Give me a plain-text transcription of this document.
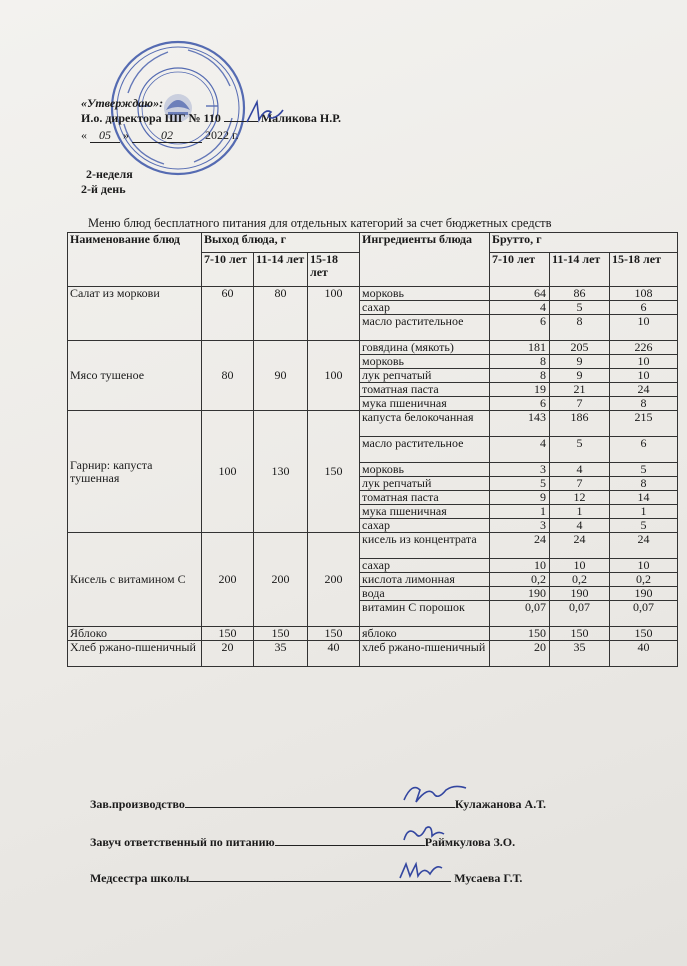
«Утверждаю»:
И.о. директора ШГ № 110	Маликова Н.Р.
« 05 »	02	2022 г.
2-неделя
2-й день
Меню блюд бесплатного питания для отдельных категорий за счет бюджетных средств
Наименование блюд	Выход блюда, г			Ингредиенты блюда	Брутто, г		
	7-10 лет	11-14 лет	15-18 лет		7-10 лет	11-14 лет	15-18 лет
Салат из моркови	60	80	100	морковь	64	86	108
				сахар	4	5	6
				масло растительное	6	8	10
Мясо тушеное	80	90	100	говядина (мякоть)	181	205	226
				морковь	8	9	10
				лук репчатый	8	9	10
				томатная паста	19	21	24
				мука пшеничная	6	7	8
Гарнир: капуста тушенная	100	130	150	капуста белокочанная	143	186	215
				масло растительное	4	5	6
				морковь	3	4	5
				лук репчатый	5	7	8
				томатная паста	9	12	14
				мука пшеничная	1	1	1
				сахар	3	4	5
Кисель с витамином С	200	200	200	кисель из концентрата	24	24	24
				сахар	10	10	10
				кислота лимонная	0,2	0,2	0,2
				вода	190	190	190
				витамин С порошок	0,07	0,07	0,07
Яблоко	150	150	150	яблоко	150	150	150
Хлеб ржано-пшеничный	20	35	40	хлеб ржано-пшеничный	20	35	40
Зав.производство	Кулажанова А.Т.
Завуч ответственный по питанию	Раймкулова З.О.
Медсестра школы	Мусаева Г.Т.
